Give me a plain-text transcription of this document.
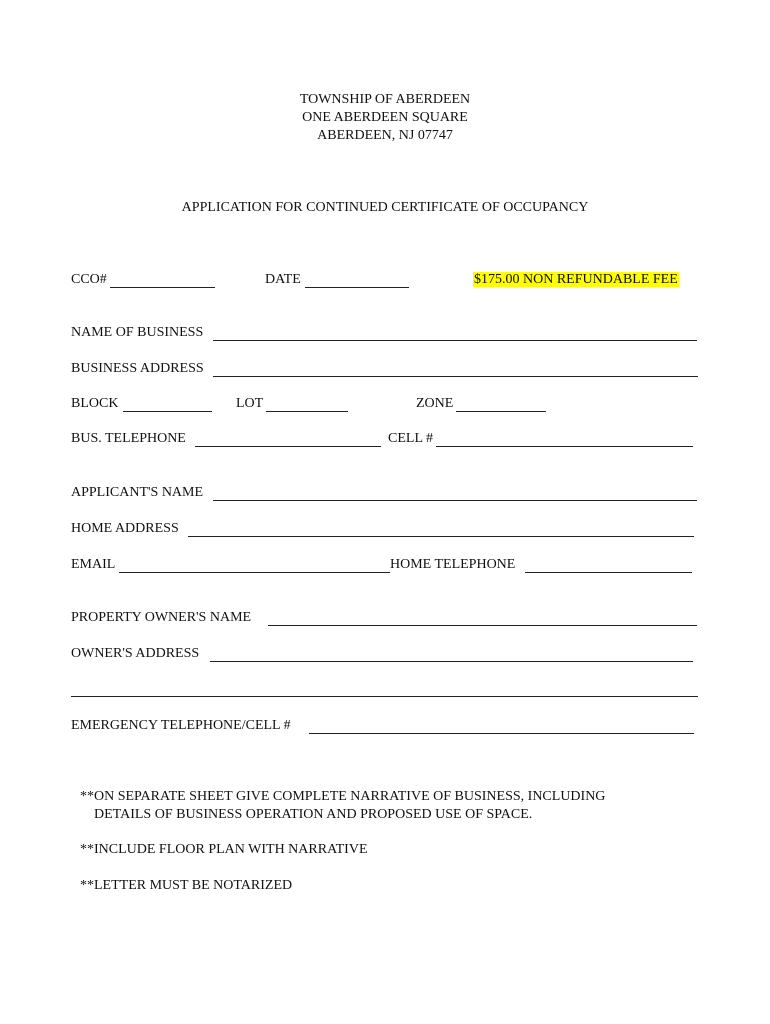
TOWNSHIP OF ABERDEEN
ONE ABERDEEN SQUARE
ABERDEEN, NJ 07747
APPLICATION FOR CONTINUED CERTIFICATE OF OCCUPANCY
CCO#	DATE	$175.00 NON REFUNDABLE FEE
NAME OF BUSINESS
BUSINESS ADDRESS
BLOCK	LOT	ZONE
BUS. TELEPHONE	CELL #
APPLICANT'S NAME
HOME ADDRESS
EMAIL	HOME TELEPHONE
PROPERTY OWNER'S NAME
OWNER'S ADDRESS
EMERGENCY TELEPHONE/CELL #
**ON SEPARATE SHEET GIVE COMPLETE NARRATIVE OF BUSINESS, INCLUDING
DETAILS OF BUSINESS OPERATION AND PROPOSED USE OF SPACE.
**INCLUDE FLOOR PLAN WITH NARRATIVE
**LETTER MUST BE NOTARIZED
